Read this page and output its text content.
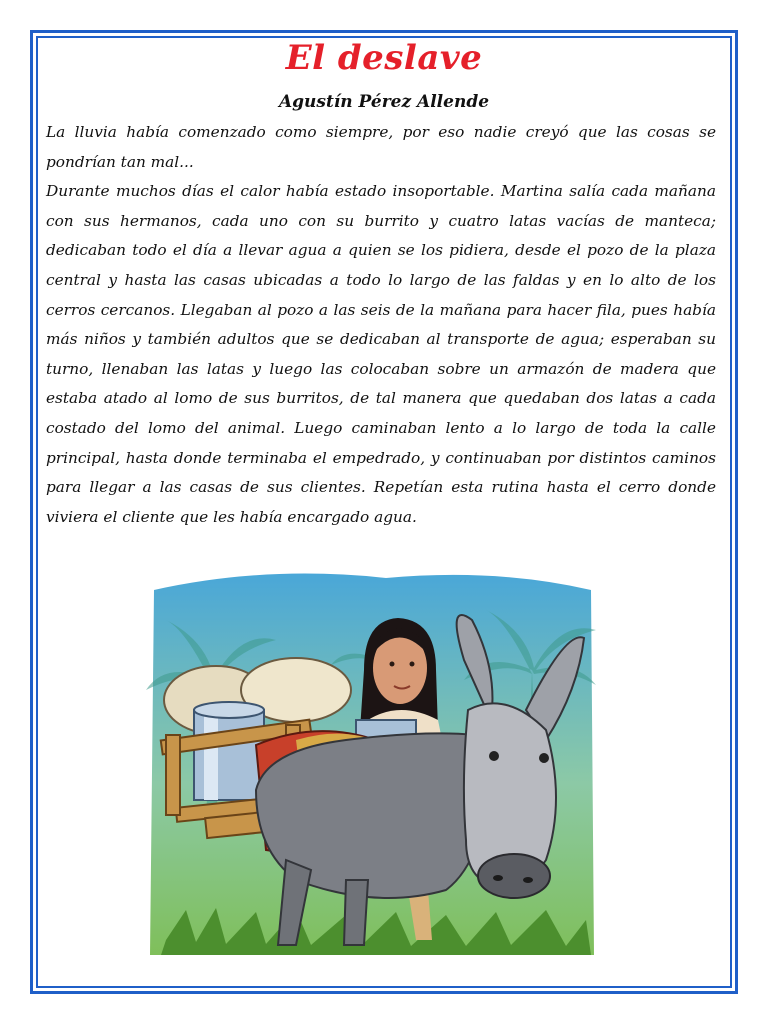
El deslave
Agustín Pérez Allende

La lluvia había comenzado como siempre, por eso nadie creyó que las cosas se pondrían tan mal...

Durante muchos días el calor había estado insoportable. Martina salía cada mañana con sus hermanos, cada uno con su burrito y cuatro latas vacías de manteca; dedicaban todo el día a llevar agua a quien se los pidiera, desde el pozo de la plaza central y hasta las casas ubicadas a todo lo largo de las faldas y en lo alto de los cerros cercanos. Llegaban al pozo a las seis de la mañana para hacer fila, pues había más niños y también adultos que se dedicaban al transporte de agua; esperaban su turno, llenaban las latas y luego las colocaban sobre un armazón de madera que estaba atado al lomo de sus burritos, de tal manera que quedaban dos latas a cada costado del lomo del animal. Luego caminaban lento a lo largo de toda la calle principal, hasta donde terminaba el empedrado, y continuaban por distintos caminos para llegar a las casas de sus clientes. Repetían esta rutina hasta el cerro donde viviera el cliente que les había encargado agua.
